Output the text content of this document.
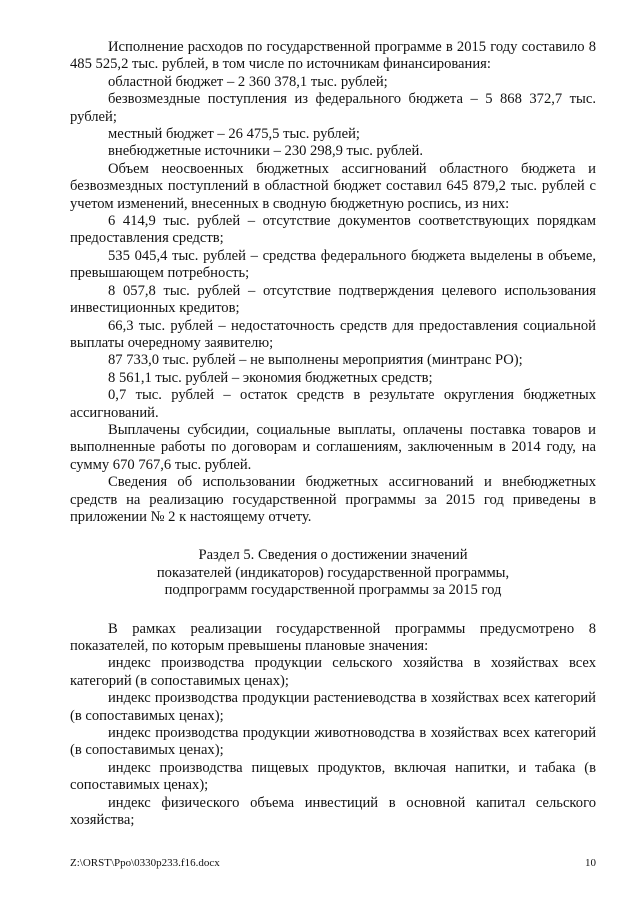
Исполнение расходов по государственной программе в 2015 году составило 8 485 525,2 тыс. рублей, в том числе по источникам финансирования:

областной бюджет – 2 360 378,1 тыс. рублей;

безвозмездные поступления из федерального бюджета – 5 868 372,7 тыс. рублей;

местный бюджет – 26 475,5 тыс. рублей;

внебюджетные источники – 230 298,9 тыс. рублей.

Объем неосвоенных бюджетных ассигнований областного бюджета и безвозмездных поступлений в областной бюджет составил 645 879,2 тыс. рублей с учетом изменений, внесенных в сводную бюджетную роспись, из них:

6 414,9 тыс. рублей – отсутствие документов соответствующих порядкам предоставления средств;

535 045,4 тыс. рублей – средства федерального бюджета выделены в объеме, превышающем потребность;

8 057,8 тыс. рублей – отсутствие подтверждения целевого использования инвестиционных кредитов;

66,3 тыс. рублей – недостаточность средств для предоставления социальной выплаты очередному заявителю;

87 733,0 тыс. рублей – не выполнены мероприятия (минтранс РО);

8 561,1 тыс. рублей – экономия бюджетных средств;

0,7 тыс. рублей – остаток средств в результате округления бюджетных ассигнований.

Выплачены субсидии, социальные выплаты, оплачены поставка товаров и выполненные работы по договорам и соглашениям, заключенным в 2014 году, на сумму 670 767,6 тыс. рублей.

Сведения об использовании бюджетных ассигнований и внебюджетных средств на реализацию государственной программы за 2015 год приведены в приложении № 2 к настоящему отчету.

Раздел 5. Сведения о достижении значений

показателей (индикаторов) государственной программы,

подпрограмм государственной программы за 2015 год

В рамках реализации государственной программы предусмотрено 8 показателей, по которым превышены плановые значения:

индекс производства продукции сельского хозяйства в хозяйствах всех категорий (в сопоставимых ценах);

индекс производства продукции растениеводства в хозяйствах всех категорий (в сопоставимых ценах);

индекс производства продукции животноводства в хозяйствах всех категорий (в сопоставимых ценах);

индекс производства пищевых продуктов, включая напитки, и табака (в сопоставимых ценах);

индекс физического объема инвестиций в основной капитал сельского хозяйства;

Z:\ORST\Ppo\0330p233.f16.docx	10
